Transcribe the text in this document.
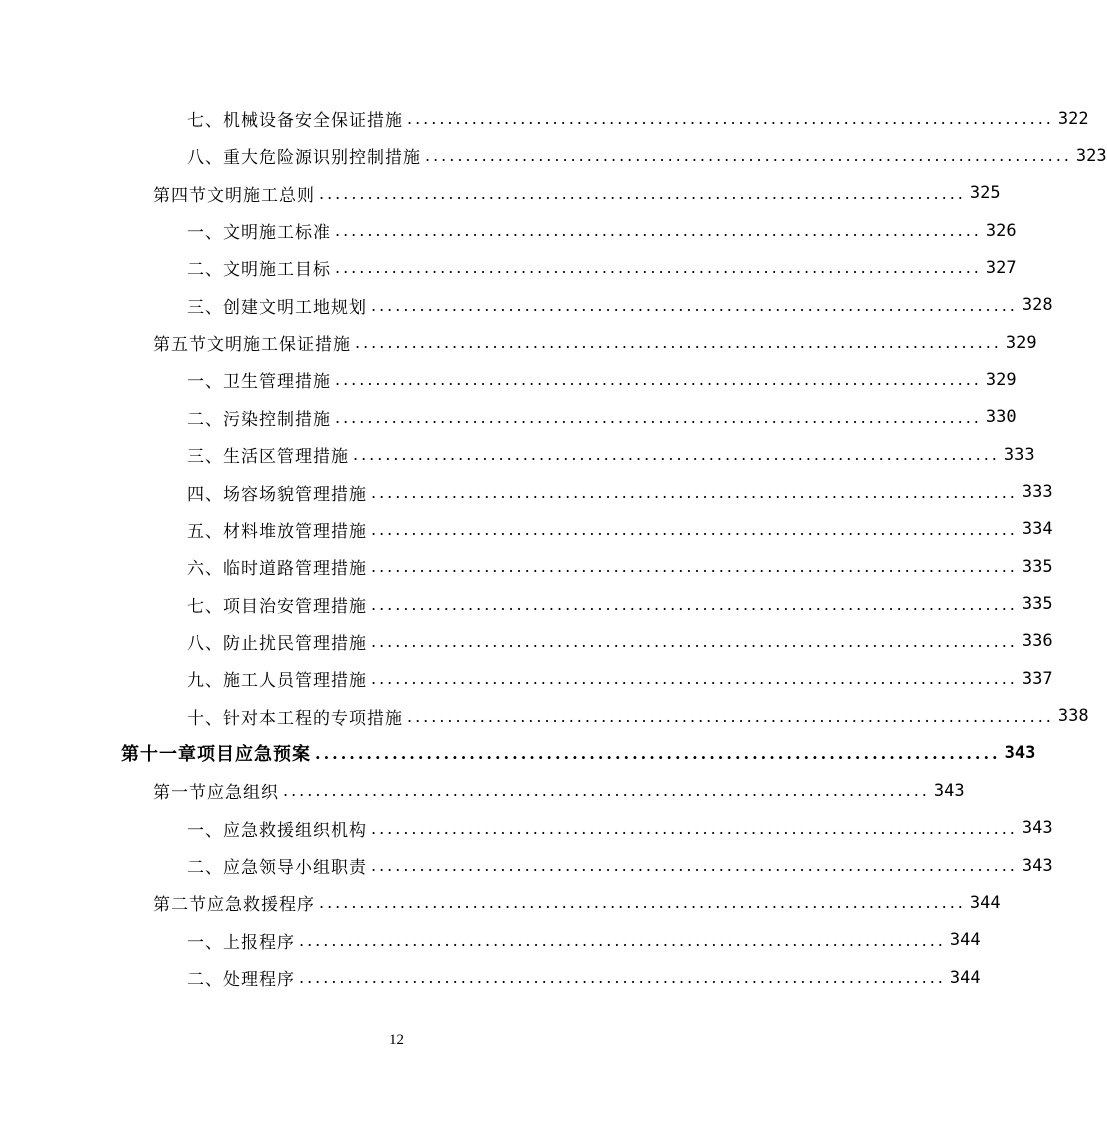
七、 机械设备安全保证措施 ................................................................................ 322
八、 重大危险源识别控制措施 ................................................................................ 323
第四节 文明施工总则 ................................................................................ 325
一、 文明施工标准 ................................................................................ 326
二、 文明施工目标 ................................................................................ 327
三、 创建文明工地规划 ................................................................................ 328
第五节 文明施工保证措施 ................................................................................ 329
一、 卫生管理措施 ................................................................................ 329
二、 污染控制措施 ................................................................................ 330
三、 生活区管理措施 ................................................................................ 333
四、 场容场貌管理措施 ................................................................................ 333
五、 材料堆放管理措施 ................................................................................ 334
六、 临时道路管理措施 ................................................................................ 335
七、 项目治安管理措施 ................................................................................ 335
八、 防止扰民管理措施 ................................................................................ 336
九、 施工人员管理措施 ................................................................................ 337
十、 针对本工程的专项措施 ................................................................................ 338
第十一章 项目应急预案 ................................................................................ 343
第一节 应急组织 ................................................................................ 343
一、 应急救援组织机构 ................................................................................ 343
二、 应急领导小组职责 ................................................................................ 343
第二节 应急救援程序 ................................................................................ 344
一、 上报程序 ................................................................................ 344
二、 处理程序 ................................................................................ 344
12
